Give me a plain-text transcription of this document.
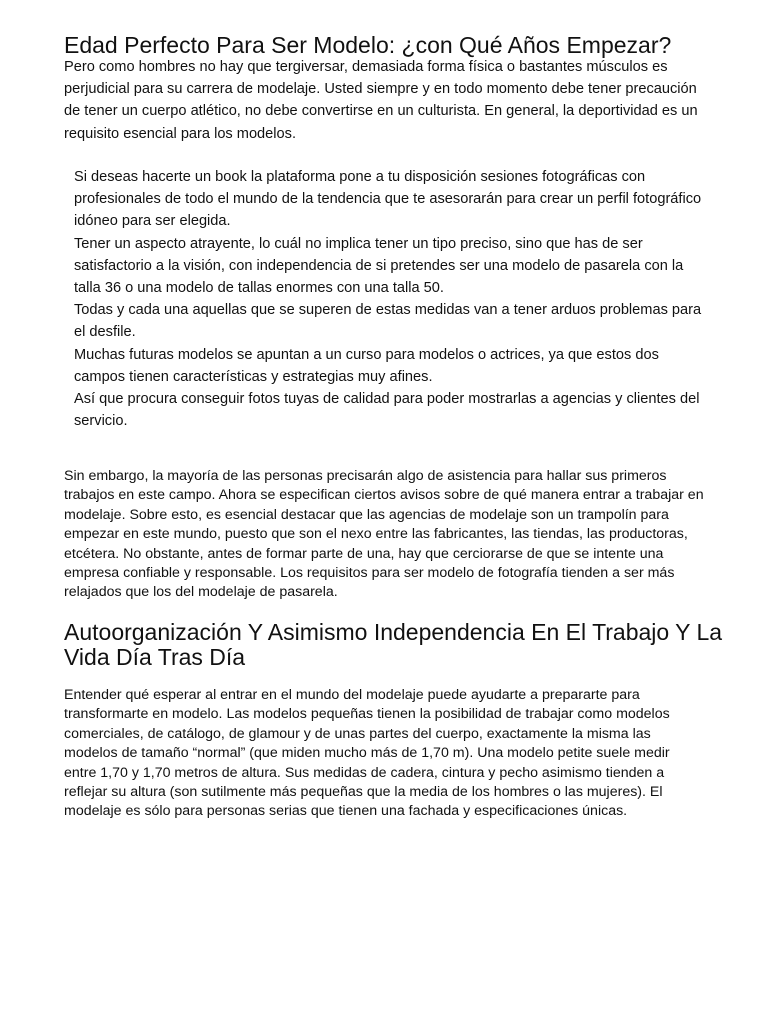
Edad Perfecto Para Ser Modelo: ¿con Qué Años Empezar?

Pero como hombres no hay que tergiversar, demasiada forma física o bastantes músculos es perjudicial para su carrera de modelaje. Usted siempre y en todo momento debe tener precaución de tener un cuerpo atlético, no debe convertirse en un culturista. En general, la deportividad es un requisito esencial para los modelos.

Si deseas hacerte un book la plataforma pone a tu disposición sesiones fotográficas con profesionales de todo el mundo de la tendencia que te asesorarán para crear un perfil fotográfico idóneo para ser elegida.
Tener un aspecto atrayente, lo cuál no implica tener un tipo preciso, sino que has de ser satisfactorio a la visión, con independencia de si pretendes ser una modelo de pasarela con la talla 36 o una modelo de tallas enormes con una talla 50.
Todas y cada una aquellas que se superen de estas medidas van a tener arduos problemas para el desfile.
Muchas futuras modelos se apuntan a un curso para modelos o actrices, ya que estos dos campos tienen características y estrategias muy afines.
Así que procura conseguir fotos tuyas de calidad para poder mostrarlas a agencias y clientes del servicio.

Sin embargo, la mayoría de las personas precisarán algo de asistencia para hallar sus primeros trabajos en este campo. Ahora se especifican ciertos avisos sobre de qué manera entrar a trabajar en modelaje. Sobre esto, es esencial destacar que las agencias de modelaje son un trampolín para empezar en este mundo, puesto que son el nexo entre las fabricantes, las tiendas, las productoras, etcétera. No obstante, antes de formar parte de una, hay que cerciorarse de que se intente una empresa confiable y responsable. Los requisitos para ser modelo de fotografía tienden a ser más relajados que los del modelaje de pasarela.

Autoorganización Y Asimismo Independencia En El Trabajo Y La Vida Día Tras Día

Entender qué esperar al entrar en el mundo del modelaje puede ayudarte a prepararte para transformarte en modelo. Las modelos pequeñas tienen la posibilidad de trabajar como modelos comerciales, de catálogo, de glamour y de unas partes del cuerpo, exactamente la misma las modelos de tamaño “normal” (que miden mucho más de 1,70 m). Una modelo petite suele medir entre 1,70 y 1,70 metros de altura. Sus medidas de cadera, cintura y pecho asimismo tienden a reflejar su altura (son sutilmente más pequeñas que la media de los hombres o las mujeres). El modelaje es sólo para personas serias que tienen una fachada y especificaciones únicas.
